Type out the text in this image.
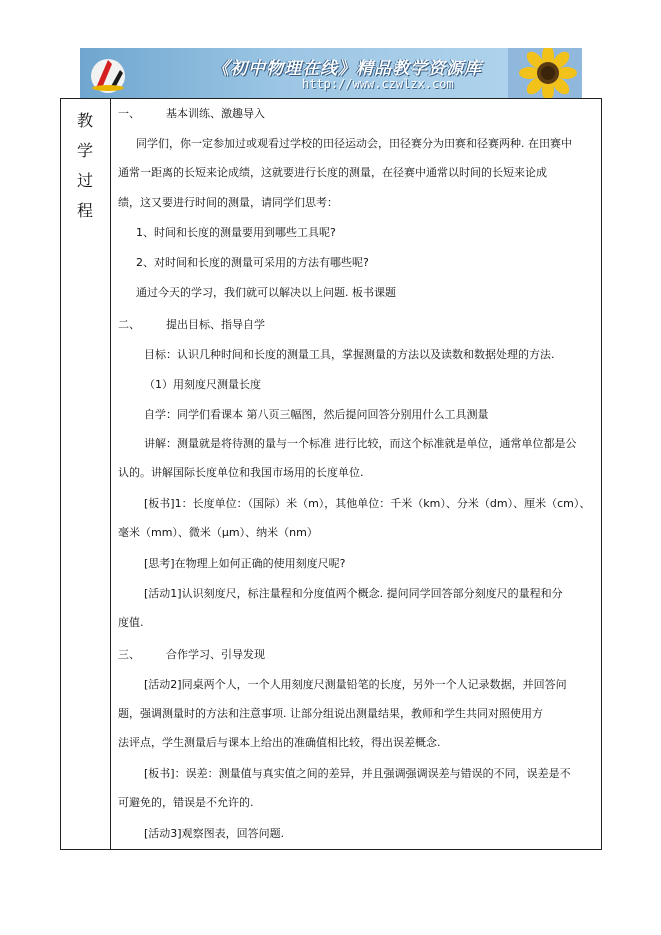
《初中物理在线》精品教学资源库
http://www.czwlzx.com
教
学
过
程
一、 基本训练、激趣导入
同学们，你一定参加过或观看过学校的田径运动会，田径赛分为田赛和径赛两种. 在田赛中
通常一距离的长短来论成绩，这就要进行长度的测量，在径赛中通常以时间的长短来论成
绩，这又要进行时间的测量，请同学们思考：
1、时间和长度的测量要用到哪些工具呢?
2、对时间和长度的测量可采用的方法有哪些呢?
通过今天的学习，我们就可以解决以上问题. 板书课题
二、 提出目标、指导自学
目标：认识几种时间和长度的测量工具，掌握测量的方法以及读数和数据处理的方法.
（1）用刻度尺测量长度
自学：同学们看课本 第八页三幅图，然后提问回答分别用什么工具测量
讲解：测量就是将待测的量与一个标准 进行比较，而这个标准就是单位，通常单位都是公
认的。讲解国际长度单位和我国市场用的长度单位.
[板书]1：长度单位：（国际）米（m），其他单位：千米（km）、分米（dm）、厘米（cm）、
毫米（mm）、微米（μm）、纳米（nm）
[思考]在物理上如何正确的使用刻度尺呢?
[活动1]认识刻度尺，标注量程和分度值两个概念. 提问同学回答部分刻度尺的量程和分
度值.
三、 合作学习、引导发现
[活动2]同桌两个人，一个人用刻度尺测量铅笔的长度，另外一个人记录数据，并回答问
题，强调测量时的方法和注意事项. 让部分组说出测量结果，教师和学生共同对照使用方
法评点，学生测量后与课本上给出的准确值相比较，得出误差概念.
[板书]：误差：测量值与真实值之间的差异，并且强调强调误差与错误的不同，误差是不
可避免的，错误是不允许的.
[活动3]观察图表，回答问题.
